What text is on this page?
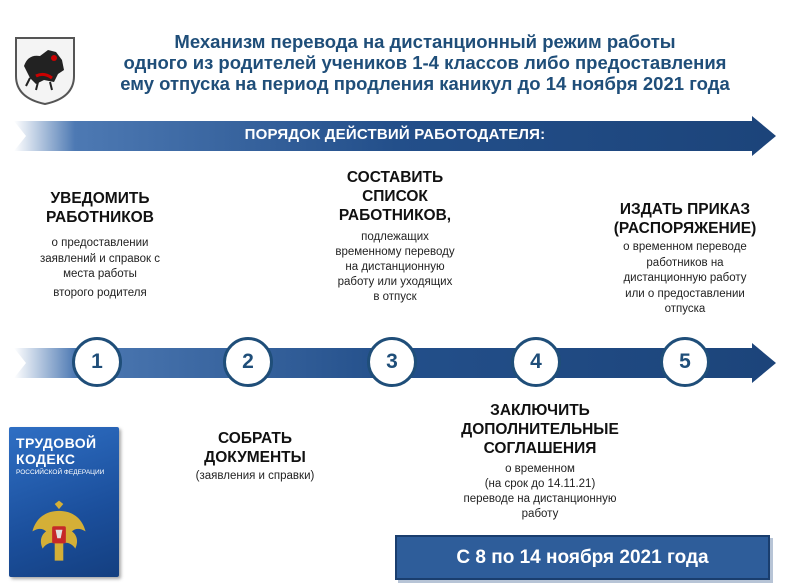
Механизм перевода на дистанционный режим работы
одного из родителей учеников 1-4 классов либо предоставления
ему отпуска на период продления каникул до 14 ноября 2021 года
ПОРЯДОК ДЕЙСТВИЙ РАБОТОДАТЕЛЯ:
УВЕДОМИТЬ
РАБОТНИКОВ
о предоставлении
заявлений и справок с
места работы
второго родителя
СОСТАВИТЬ
СПИСОК
РАБОТНИКОВ,
подлежащих
временному переводу
на дистанционную
работу или уходящих
в отпуск
ИЗДАТЬ ПРИКАЗ
(РАСПОРЯЖЕНИЕ)
о временном переводе
работников на
дистанционную работу
или о предоставлении
отпуска
1	2	3	4	5
СОБРАТЬ
ДОКУМЕНТЫ
(заявления и справки)
ЗАКЛЮЧИТЬ
ДОПОЛНИТЕЛЬНЫЕ
СОГЛАШЕНИЯ
о временном
(на срок до 14.11.21)
переводе на дистанционную
работу
ТРУДОВОЙ
КОДЕКС
РОССИЙСКОЙ ФЕДЕРАЦИИ
С 8 по 14 ноября 2021 года
